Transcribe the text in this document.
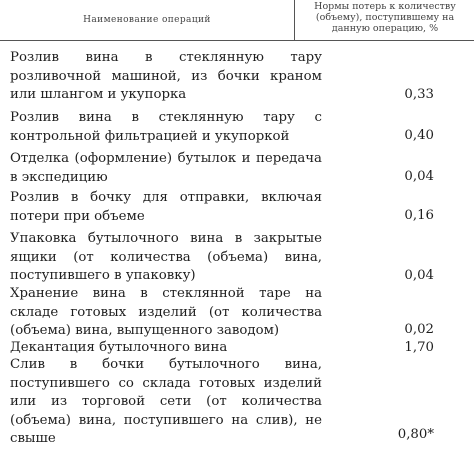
Наименование операций
Нормы потерь к количеству (объему), поступившему на данную операцию, %
Розлив вина в стеклянную тару розливочной машиной, из бочки краном или шлангом и укупорка	0,33
Розлив вина в стеклянную тару с контрольной фильтрацией и укупоркой	0,40
Отделка (оформление) бутылок и передача в экспедицию	0,04
Розлив в бочку для отправки, включая потери при объеме	0,16
Упаковка бутылочного вина в закрытые ящики (от количества (объема) вина, поступившего в упаковку)	0,04
Хранение вина в стеклянной таре на складе готовых изделий (от количества (объема) вина, выпущенного заводом)	0,02
Декантация бутылочного вина	1,70
Слив в бочки бутылочного вина, поступившего со склада готовых изделий или из торговой сети (от количества (объема) вина, поступившего на слив), не свыше	0,80*
